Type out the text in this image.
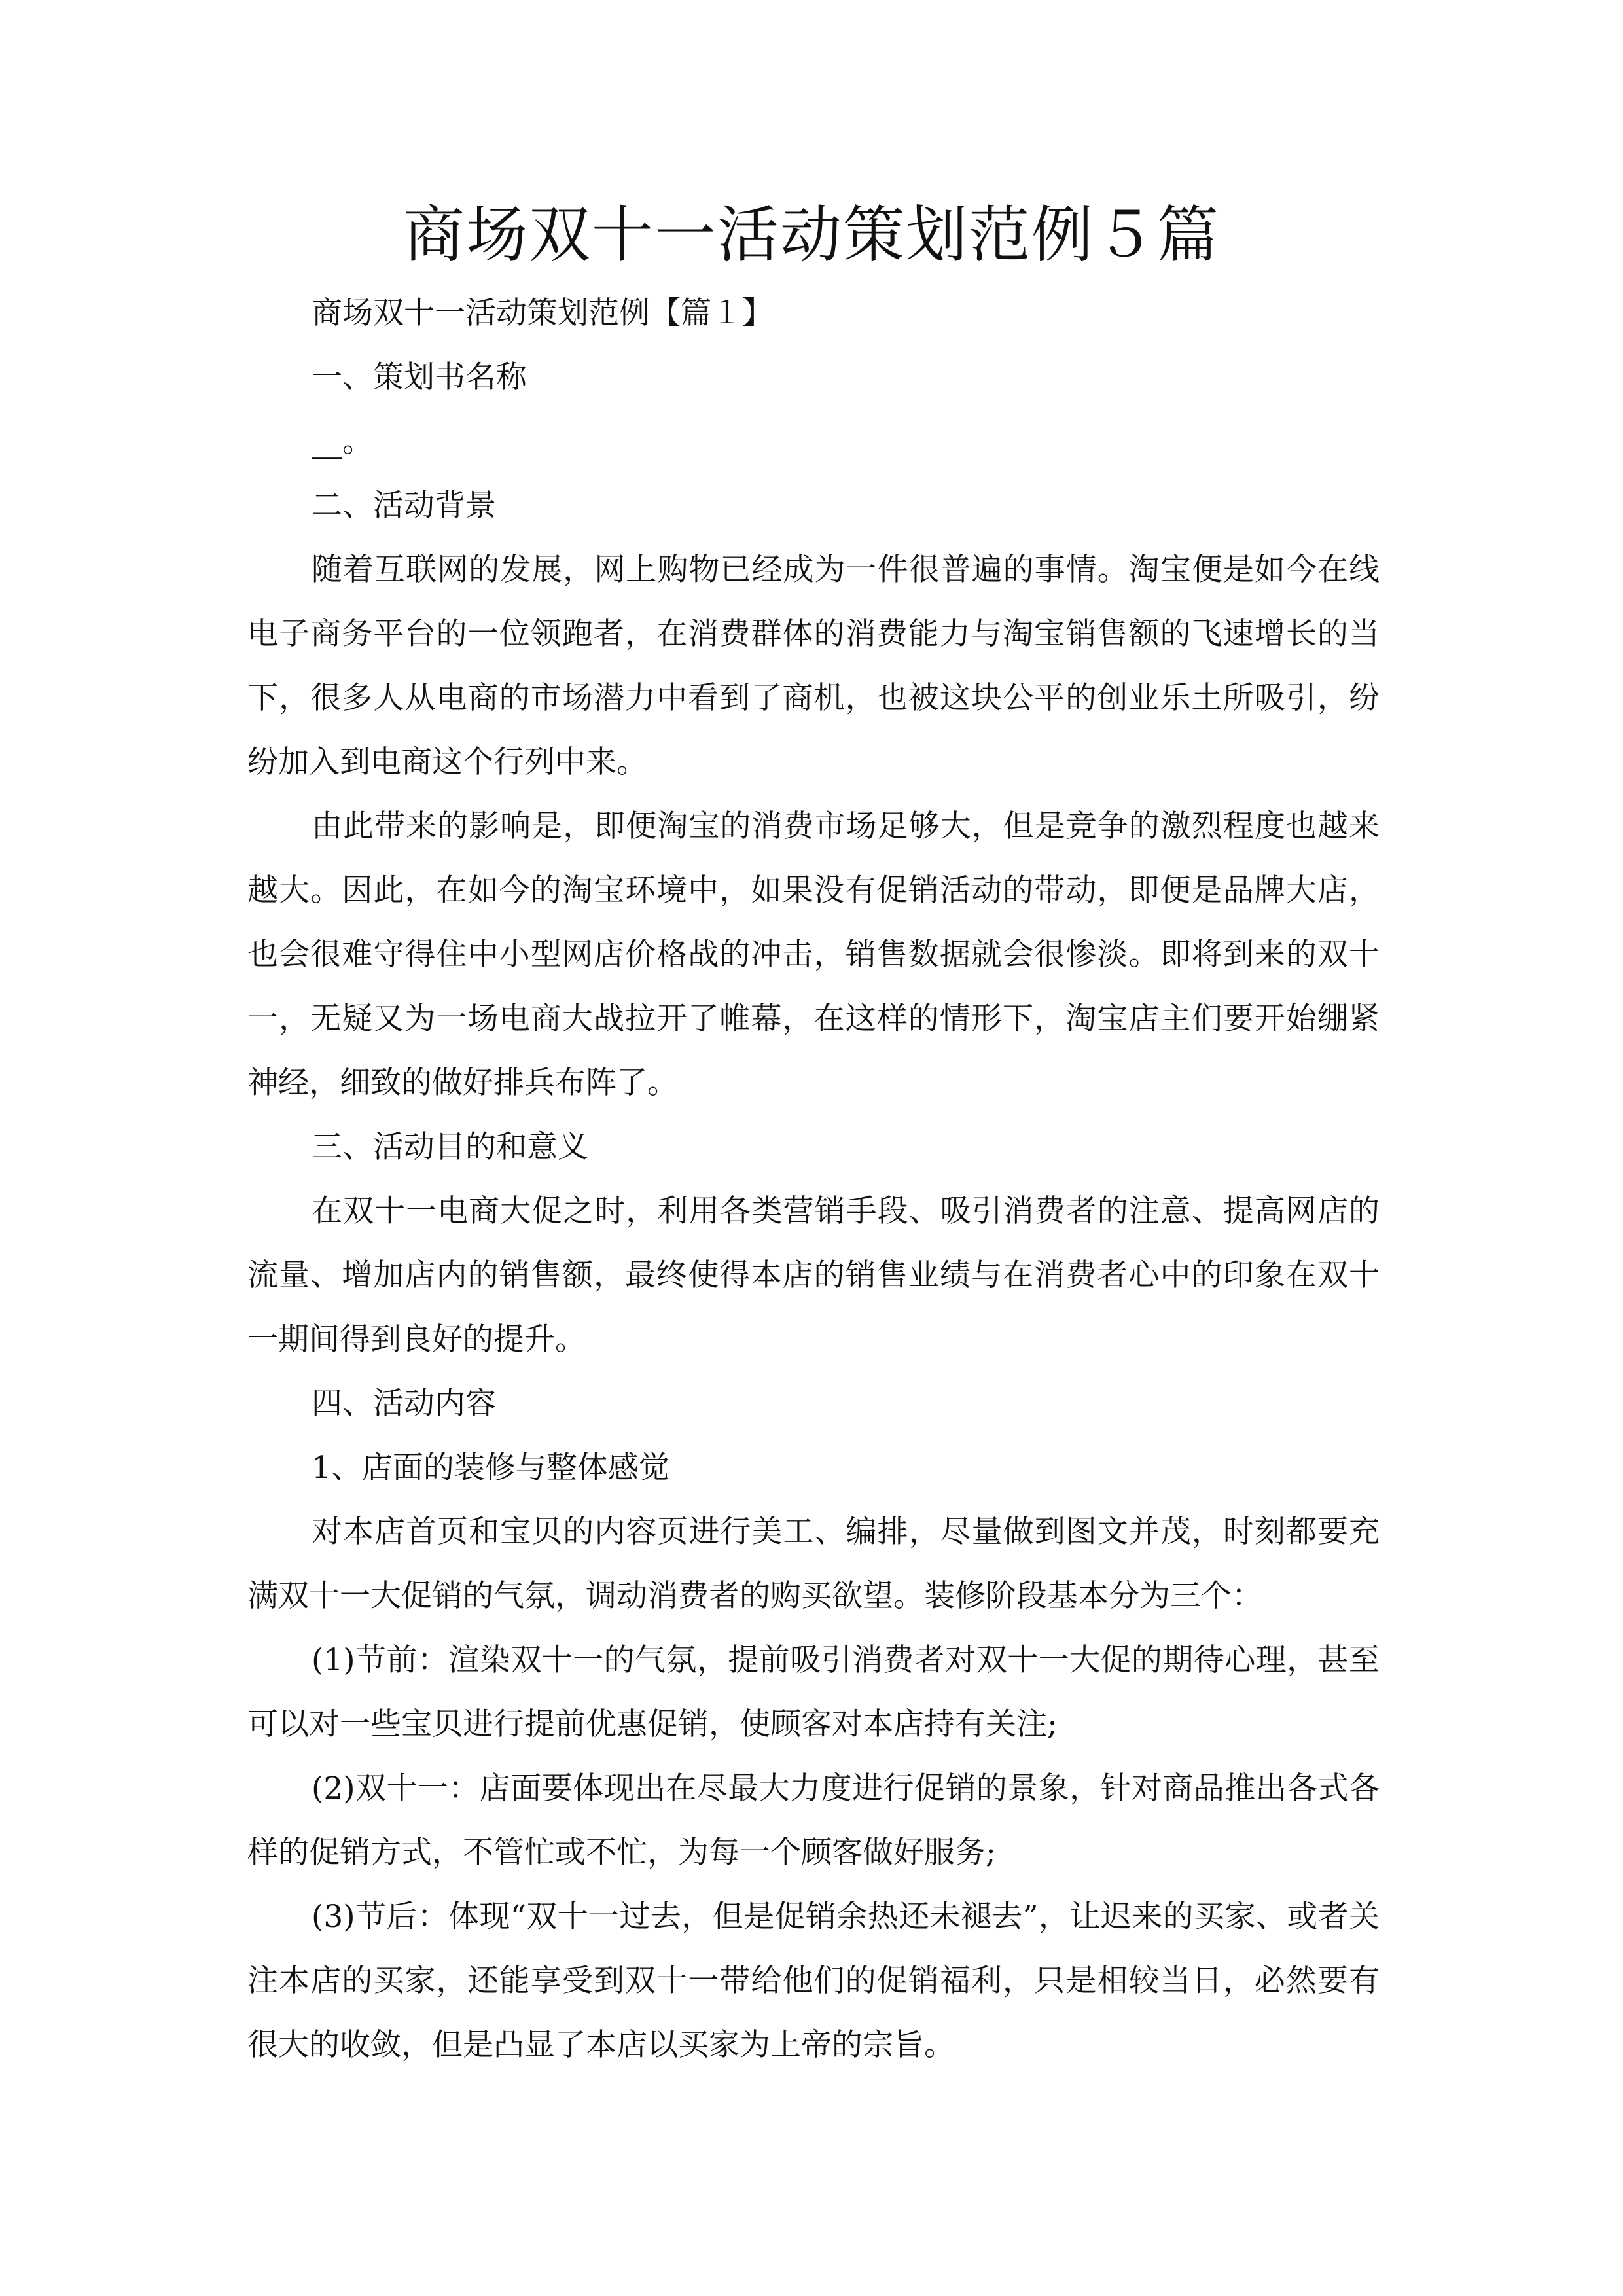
商场双十一活动策划范例５篇

商场双十一活动策划范例【篇１】

一、策划书名称

__。

二、活动背景

随着互联网的发展，网上购物已经成为一件很普遍的事情。淘宝便是如今在线电子商务平台的一位领跑者，在消费群体的消费能力与淘宝销售额的飞速增长的当下，很多人从电商的市场潜力中看到了商机，也被这块公平的创业乐土所吸引，纷纷加入到电商这个行列中来。

由此带来的影响是，即便淘宝的消费市场足够大，但是竞争的激烈程度也越来越大。因此，在如今的淘宝环境中，如果没有促销活动的带动，即便是品牌大店，也会很难守得住中小型网店价格战的冲击，销售数据就会很惨淡。即将到来的双十一，无疑又为一场电商大战拉开了帷幕，在这样的情形下，淘宝店主们要开始绷紧神经，细致的做好排兵布阵了。

三、活动目的和意义

在双十一电商大促之时，利用各类营销手段、吸引消费者的注意、提高网店的流量、增加店内的销售额，最终使得本店的销售业绩与在消费者心中的印象在双十一期间得到良好的提升。

四、活动内容

1、店面的装修与整体感觉

对本店首页和宝贝的内容页进行美工、编排，尽量做到图文并茂，时刻都要充满双十一大促销的气氛，调动消费者的购买欲望。装修阶段基本分为三个：

(1)节前：渲染双十一的气氛，提前吸引消费者对双十一大促的期待心理，甚至可以对一些宝贝进行提前优惠促销，使顾客对本店持有关注;

(2)双十一：店面要体现出在尽最大力度进行促销的景象，针对商品推出各式各样的促销方式，不管忙或不忙，为每一个顾客做好服务;

(3)节后：体现“双十一过去，但是促销余热还未褪去”，让迟来的买家、或者关注本店的买家，还能享受到双十一带给他们的促销福利，只是相较当日，必然要有很大的收敛，但是凸显了本店以买家为上帝的宗旨。
